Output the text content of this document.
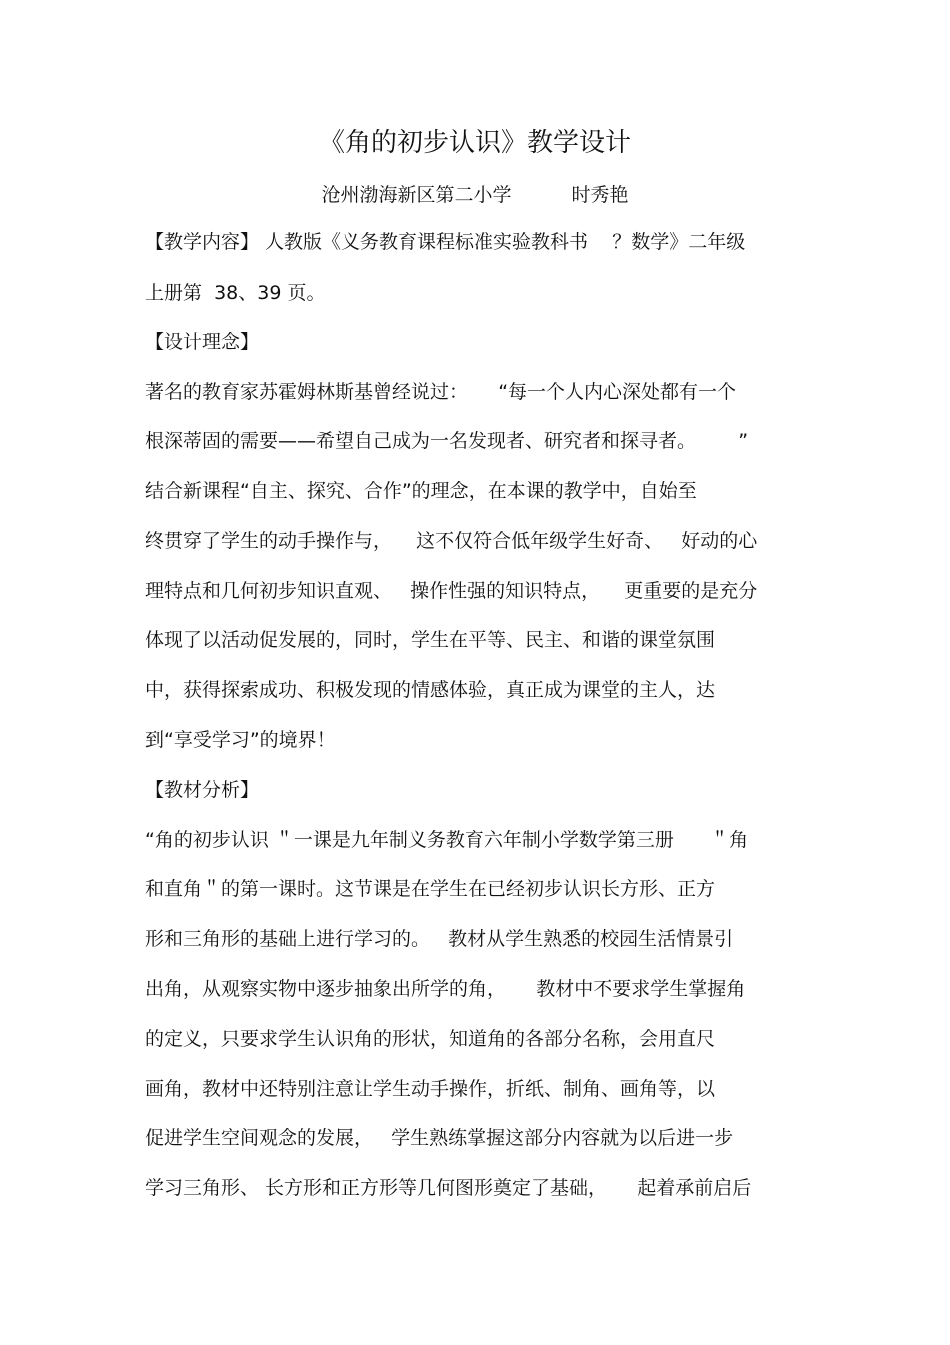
《角的初步认识》教学设计
沧州渤海新区第二小学	时秀艳
【教学内容】 人教版《义务教育课程标准实验教科书    ？数学》二年级
上册第  38、39 页。
【设计理念】
著名的教育家苏霍姆林斯基曾经说过：     “每一个人内心深处都有一个
根深蒂固的需要——希望自己成为一名发现者、研究者和探寻者。       ”
结合新课程“自主、探究、合作”的理念，在本课的教学中，自始至
终贯穿了学生的动手操作与，    这不仅符合低年级学生好奇、   好动的心
理特点和几何初步知识直观、   操作性强的知识特点，    更重要的是充分
体现了以活动促发展的，同时，学生在平等、民主、和谐的课堂氛围
中，获得探索成功、积极发现的情感体验，真正成为课堂的主人，达
到“享受学习”的境界！
【教材分析】
“角的初步认识 ＂一课是九年制义务教育六年制小学数学第三册      ＂角
和直角＂的第一课时。这节课是在学生在已经初步认识长方形、正方
形和三角形的基础上进行学习的。   教材从学生熟悉的校园生活情景引
出角，从观察实物中逐步抽象出所学的角，     教材中不要求学生掌握角
的定义，只要求学生认识角的形状，知道角的各部分名称，会用直尺
画角，教材中还特别注意让学生动手操作，折纸、制角、画角等，以
促进学生空间观念的发展，   学生熟练掌握这部分内容就为以后进一步
学习三角形、 长方形和正方形等几何图形奠定了基础，     起着承前启后
